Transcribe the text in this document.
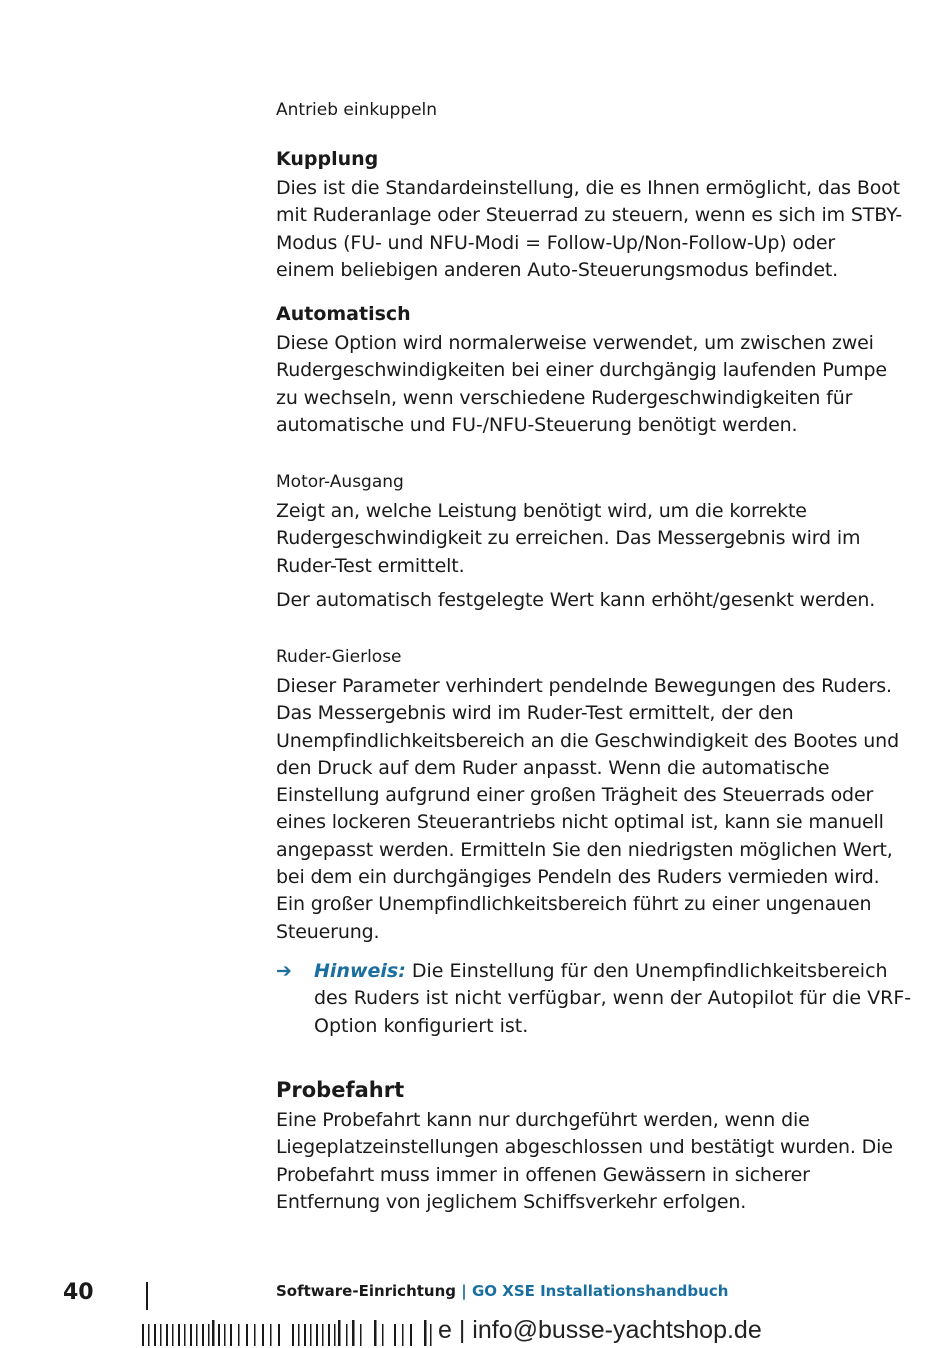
Antrieb einkuppeln
Kupplung
Dies ist die Standardeinstellung, die es Ihnen ermöglicht, das Boot
mit Ruderanlage oder Steuerrad zu steuern, wenn es sich im STBY-
Modus (FU- und NFU-Modi = Follow-Up/Non-Follow-Up) oder
einem beliebigen anderen Auto-Steuerungsmodus befindet.
Automatisch
Diese Option wird normalerweise verwendet, um zwischen zwei
Rudergeschwindigkeiten bei einer durchgängig laufenden Pumpe
zu wechseln, wenn verschiedene Rudergeschwindigkeiten für
automatische und FU-/NFU-Steuerung benötigt werden.
Motor-Ausgang
Zeigt an, welche Leistung benötigt wird, um die korrekte
Rudergeschwindigkeit zu erreichen. Das Messergebnis wird im
Ruder-Test ermittelt.
Der automatisch festgelegte Wert kann erhöht/gesenkt werden.
Ruder-Gierlose
Dieser Parameter verhindert pendelnde Bewegungen des Ruders.
Das Messergebnis wird im Ruder-Test ermittelt, der den
Unempfindlichkeitsbereich an die Geschwindigkeit des Bootes und
den Druck auf dem Ruder anpasst. Wenn die automatische
Einstellung aufgrund einer großen Trägheit des Steuerrads oder
eines lockeren Steuerantriebs nicht optimal ist, kann sie manuell
angepasst werden. Ermitteln Sie den niedrigsten möglichen Wert,
bei dem ein durchgängiges Pendeln des Ruders vermieden wird.
Ein großer Unempfindlichkeitsbereich führt zu einer ungenauen
Steuerung.
➔ Hinweis: Die Einstellung für den Unempfindlichkeitsbereich
des Ruders ist nicht verfügbar, wenn der Autopilot für die VRF-
Option konfiguriert ist.
Probefahrt
Eine Probefahrt kann nur durchgeführt werden, wenn die
Liegeplatzeinstellungen abgeschlossen und bestätigt wurden. Die
Probefahrt muss immer in offenen Gewässern in sicherer
Entfernung von jeglichem Schiffsverkehr erfolgen.
40	Software-Einrichtung | GO XSE Installationshandbuch
e | info@busse-yachtshop.de
